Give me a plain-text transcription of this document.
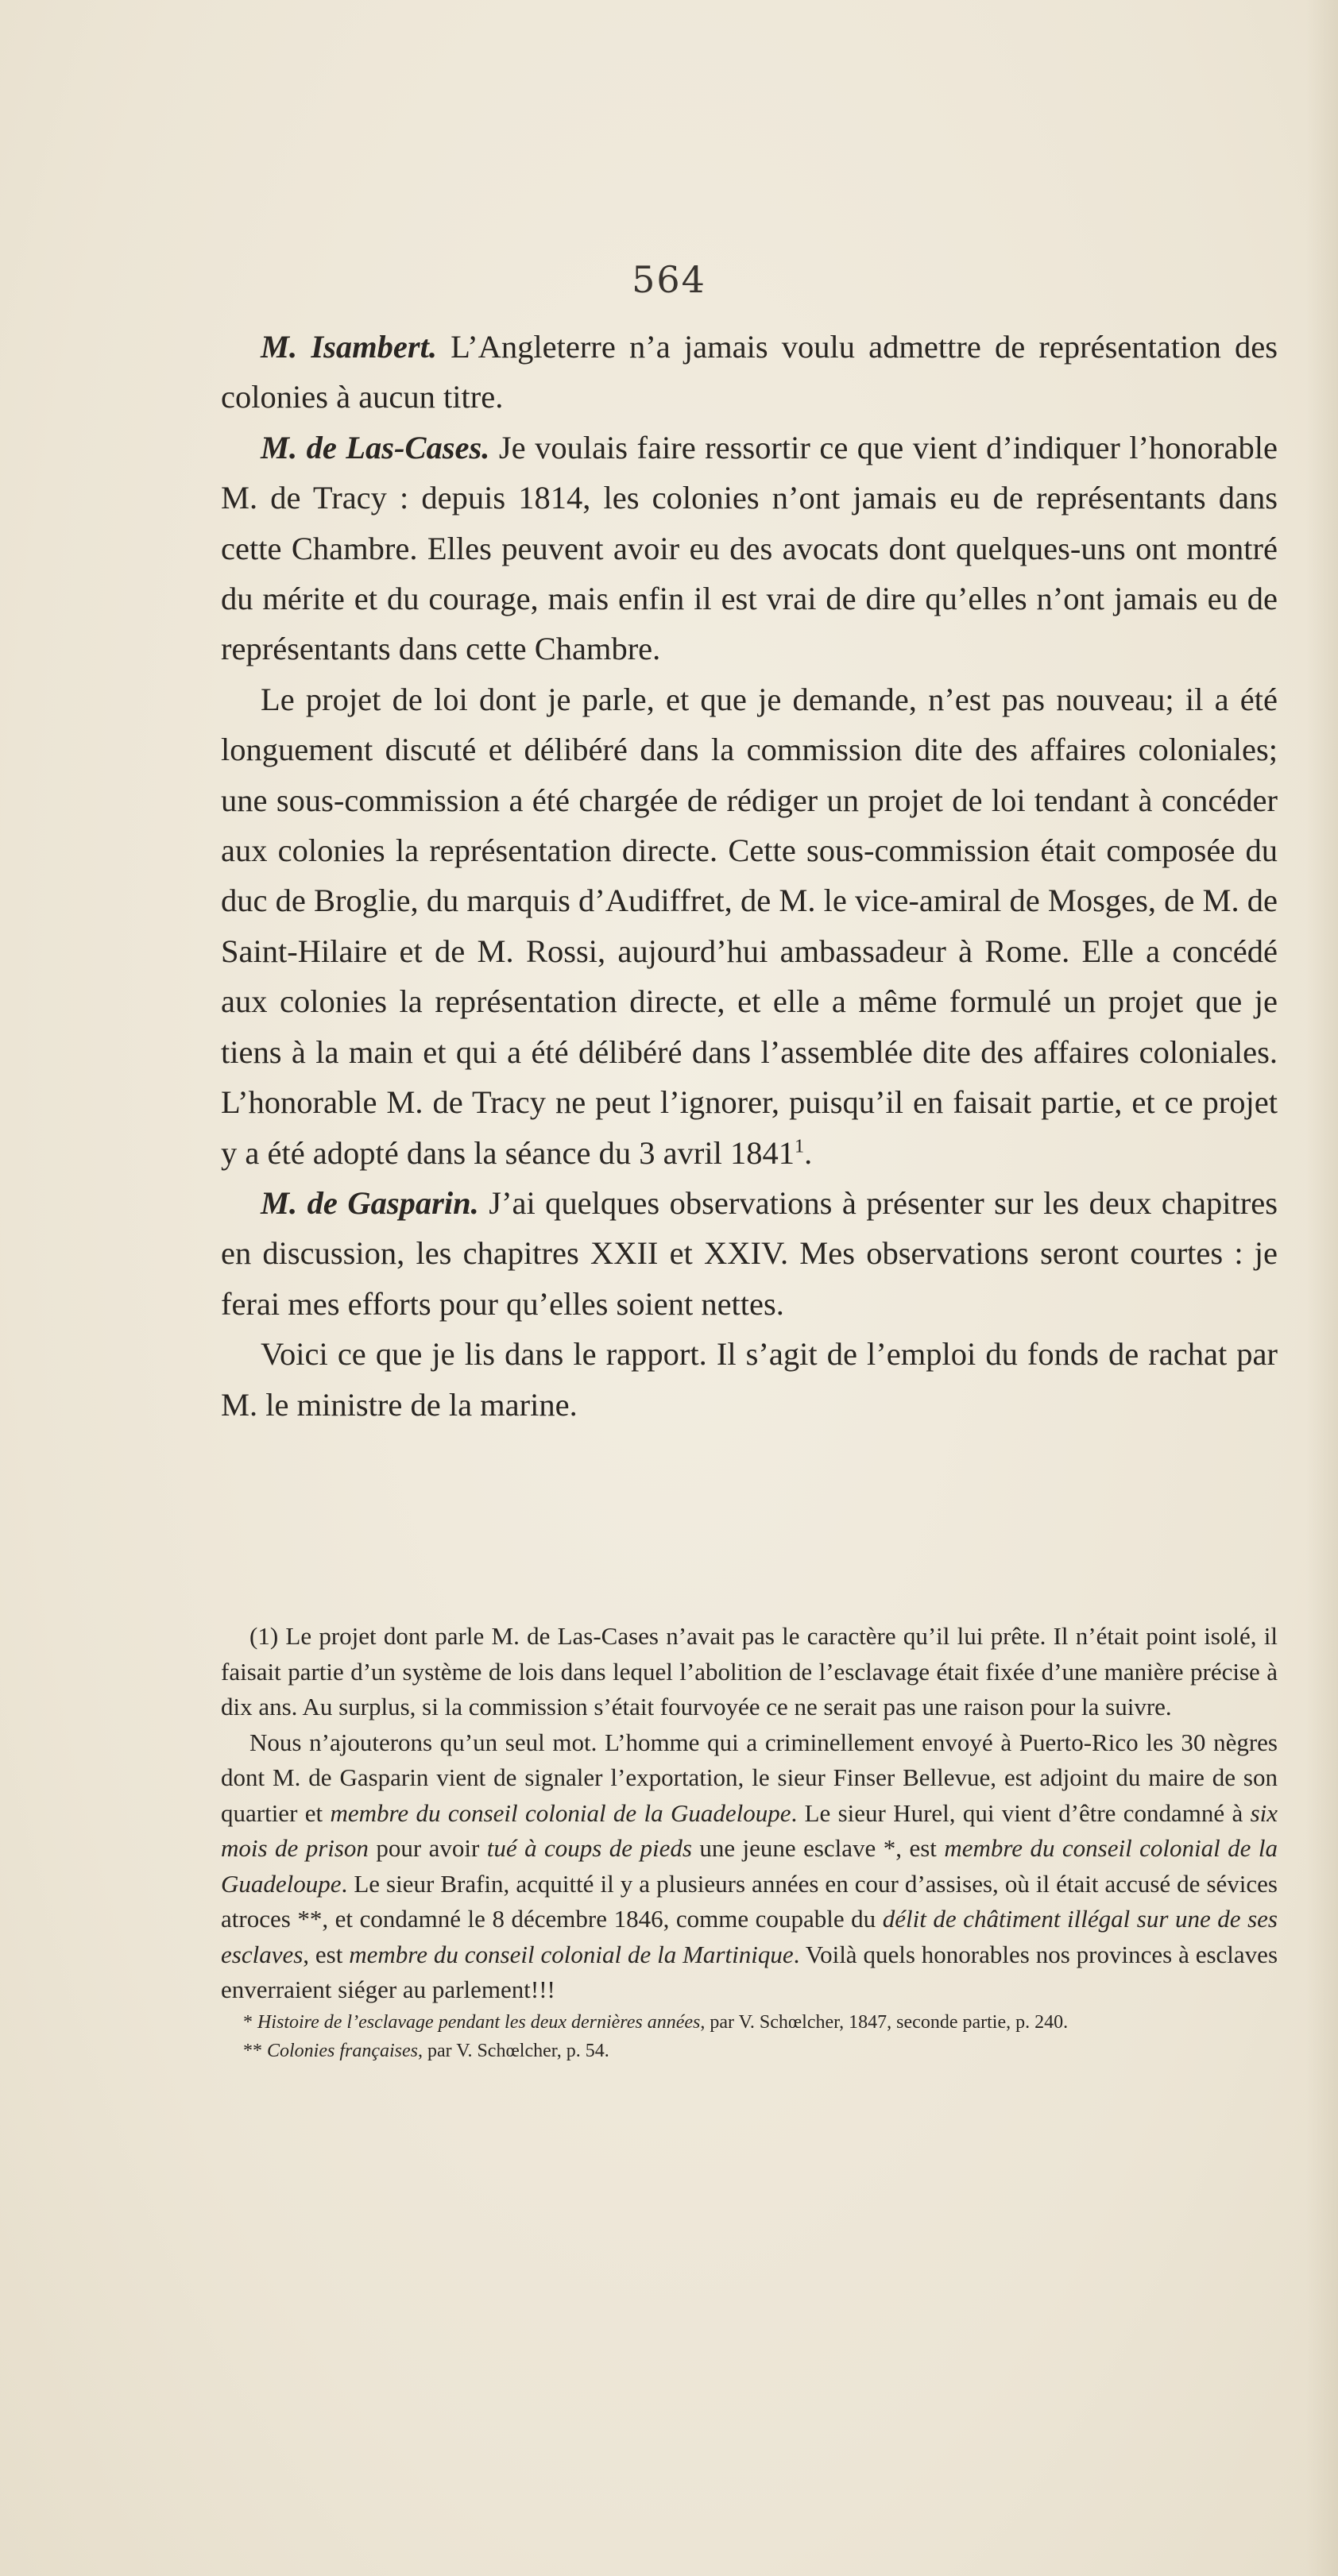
564

M. Isambert. L’Angleterre n’a jamais voulu admettre de représentation des colonies à aucun titre.

M. de Las-Cases. Je voulais faire ressortir ce que vient d’indiquer l’honorable M. de Tracy : depuis 1814, les colonies n’ont jamais eu de représentants dans cette Chambre. Elles peuvent avoir eu des avocats dont quelques-uns ont montré du mérite et du courage, mais enfin il est vrai de dire qu’elles n’ont jamais eu de représentants dans cette Chambre.

Le projet de loi dont je parle, et que je demande, n’est pas nouveau; il a été longuement discuté et délibéré dans la commission dite des affaires coloniales; une sous-commission a été chargée de rédiger un projet de loi tendant à concéder aux colonies la représentation directe. Cette sous-commission était composée du duc de Broglie, du marquis d’Audiffret, de M. le vice-amiral de Mosges, de M. de Saint-Hilaire et de M. Rossi, aujourd’hui ambassadeur à Rome. Elle a concédé aux colonies la représentation directe, et elle a même formulé un projet que je tiens à la main et qui a été délibéré dans l’assemblée dite des affaires coloniales. L’honorable M. de Tracy ne peut l’ignorer, puisqu’il en faisait partie, et ce projet y a été adopté dans la séance du 3 avril 1841$^1$.

M. de Gasparin. J’ai quelques observations à présenter sur les deux chapitres en discussion, les chapitres XXII et XXIV. Mes observations seront courtes : je ferai mes efforts pour qu’elles soient nettes.

Voici ce que je lis dans le rapport. Il s’agit de l’emploi du fonds de rachat par M. le ministre de la marine.

(1) Le projet dont parle M. de Las-Cases n’avait pas le caractère qu’il lui prête. Il n’était point isolé, il faisait partie d’un système de lois dans lequel l’abolition de l’esclavage était fixée d’une manière précise à dix ans. Au surplus, si la commission s’était fourvoyée ce ne serait pas une raison pour la suivre.

Nous n’ajouterons qu’un seul mot. L’homme qui a criminellement envoyé à Puerto-Rico les 30 nègres dont M. de Gasparin vient de signaler l’exportation, le sieur Finser Bellevue, est adjoint du maire de son quartier et membre du conseil colonial de la Guadeloupe. Le sieur Hurel, qui vient d’être condamné à six mois de prison pour avoir tué à coups de pieds une jeune esclave *, est membre du conseil colonial de la Guadeloupe. Le sieur Brafin, acquitté il y a plusieurs années en cour d’assises, où il était accusé de sévices atroces **, et condamné le 8 décembre 1846, comme coupable du délit de châtiment illégal sur une de ses esclaves, est membre du conseil colonial de la Martinique. Voilà quels honorables nos provinces à esclaves enverraient siéger au parlement!!!

* Histoire de l’esclavage pendant les deux dernières années, par V. Schœlcher, 1847, seconde partie, p. 240.

** Colonies françaises, par V. Schœlcher, p. 54.
